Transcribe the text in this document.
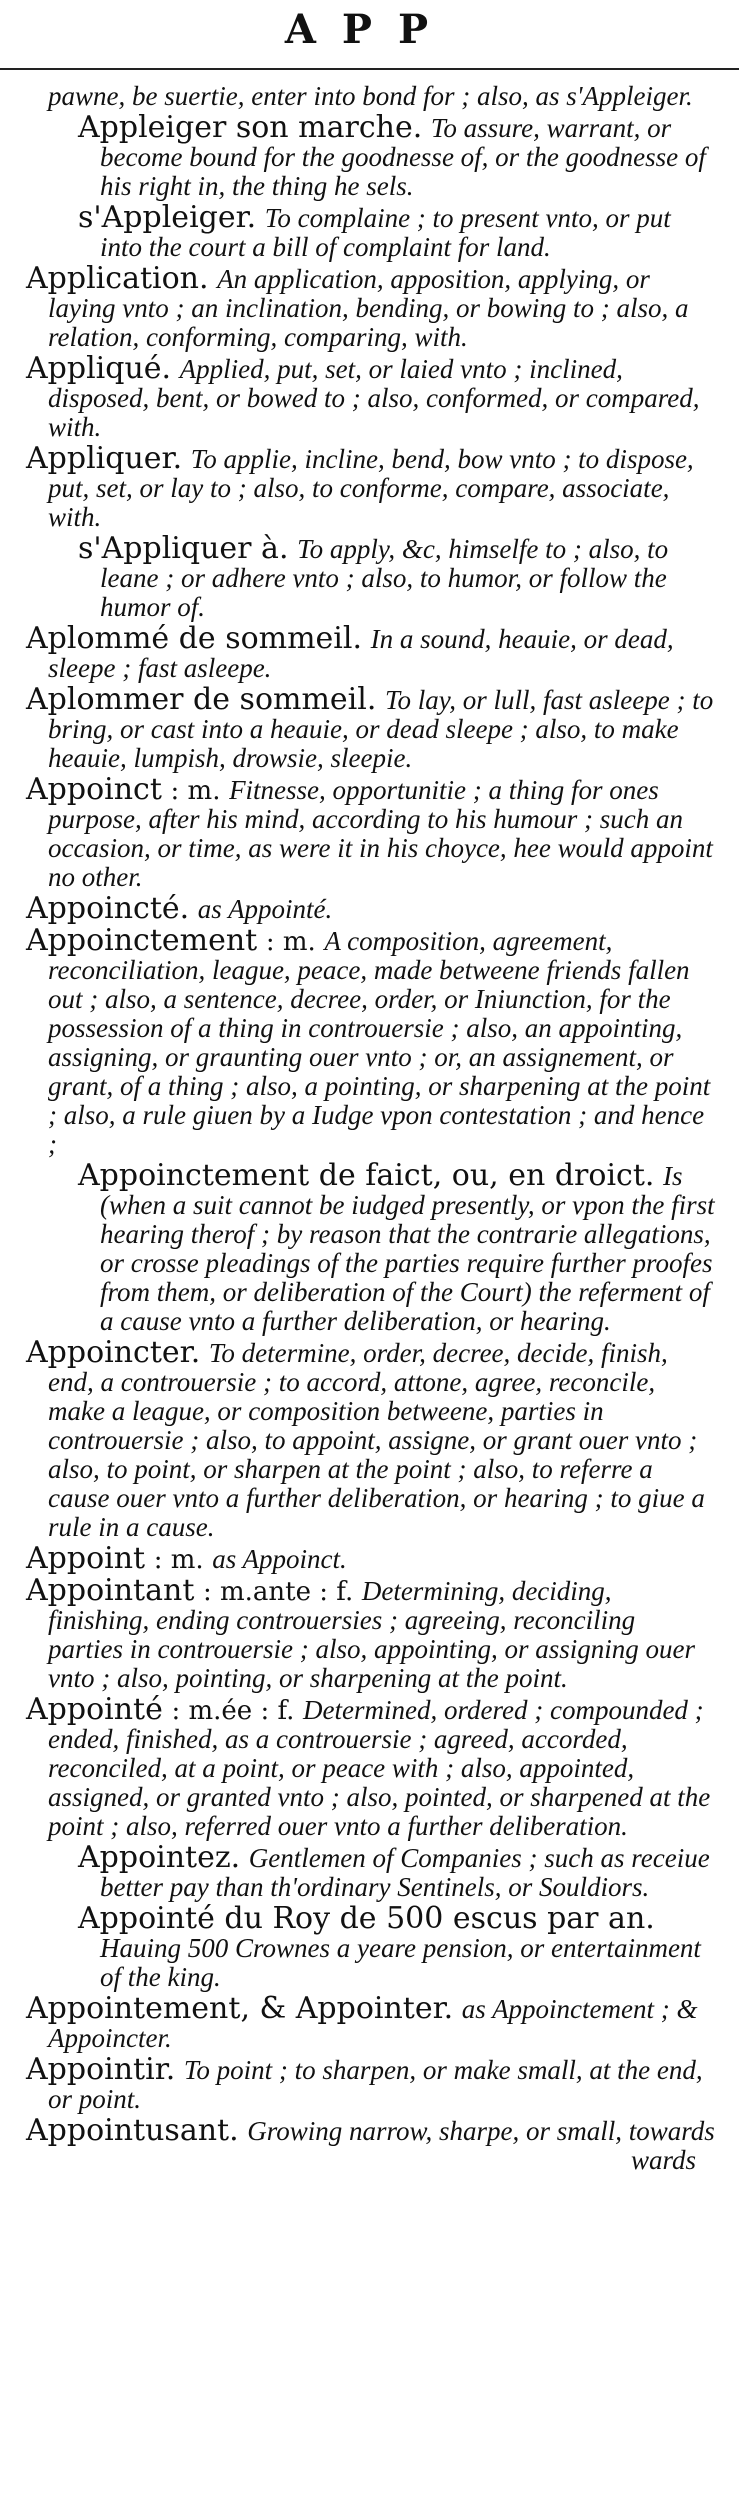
APP

pawne, be suertie, enter into bond for ; also, as s'Appleiger.

Appleiger son marche. To assure, warrant, or become bound for the goodnesse of, or the goodnesse of his right in, the thing he sels.

s'Appleiger. To complaine ; to present vnto, or put into the court a bill of complaint for land.

Application. An application, apposition, applying, or laying vnto ; an inclination, bending, or bowing to ; also, a relation, conforming, comparing, with.

Appliqué. Applied, put, set, or laied vnto ; inclined, disposed, bent, or bowed to ; also, conformed, or compared, with.

Appliquer. To applie, incline, bend, bow vnto ; to dispose, put, set, or lay to ; also, to conforme, compare, associate, with.

s'Appliquer à. To apply, &c, himselfe to ; also, to leane ; or adhere vnto ; also, to humor, or follow the humor of.

Aplommé de sommeil. In a sound, heauie, or dead, sleepe ; fast asleepe.

Aplommer de sommeil. To lay, or lull, fast asleepe ; to bring, or cast into a heauie, or dead sleepe ; also, to make heauie, lumpish, drowsie, sleepie.

Appoinct : m. Fitnesse, opportunitie ; a thing for ones purpose, after his mind, according to his humour ; such an occasion, or time, as were it in his choyce, hee would appoint no other.

Appoincté. as Appointé.

Appoinctement : m. A composition, agreement, reconciliation, league, peace, made betweene friends fallen out ; also, a sentence, decree, order, or Iniunction, for the possession of a thing in controuersie ; also, an appointing, assigning, or graunting ouer vnto ; or, an assignement, or grant, of a thing ; also, a pointing, or sharpening at the point ; also, a rule giuen by a Iudge vpon contestation ; and hence ;

Appoinctement de faict, ou, en droict. Is (when a suit cannot be iudged presently, or vpon the first hearing therof ; by reason that the contrarie allegations, or crosse pleadings of the parties require further proofes from them, or deliberation of the Court) the referment of a cause vnto a further deliberation, or hearing.

Appoincter. To determine, order, decree, decide, finish, end, a controuersie ; to accord, attone, agree, reconcile, make a league, or composition betweene, parties in controuersie ; also, to appoint, assigne, or grant ouer vnto ; also, to point, or sharpen at the point ; also, to referre a cause ouer vnto a further deliberation, or hearing ; to giue a rule in a cause.

Appoint : m. as Appoinct.

Appointant : m.ante : f. Determining, deciding, finishing, ending controuersies ; agreeing, reconciling parties in controuersie ; also, appointing, or assigning ouer vnto ; also, pointing, or sharpening at the point.

Appointé : m.ée : f. Determined, ordered ; compounded ; ended, finished, as a controuersie ; agreed, accorded, reconciled, at a point, or peace with ; also, appointed, assigned, or granted vnto ; also, pointed, or sharpened at the point ; also, referred ouer vnto a further deliberation.

Appointez. Gentlemen of Companies ; such as receiue better pay than th'ordinary Sentinels, or Souldiors.

Appointé du Roy de 500 escus par an. Hauing 500 Crownes a yeare pension, or entertainment of the king.

Appointement, & Appointer. as Appoinctement ; & Appoincter.

Appointir. To point ; to sharpen, or make small, at the end, or point.

Appointusant. Growing narrow, sharpe, or small, towards
wards
